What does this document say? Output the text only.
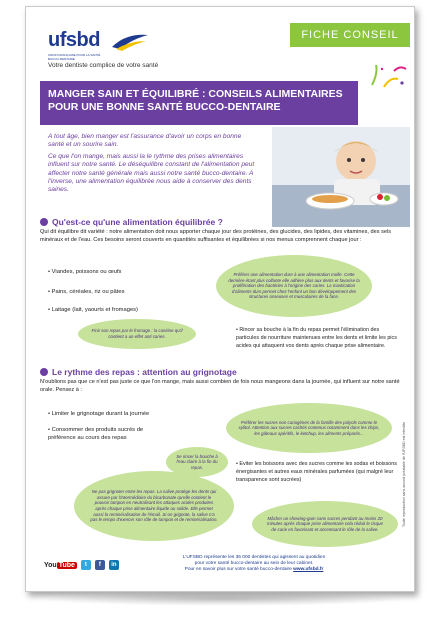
ufsbd
UNION FRANÇAISE POUR LA SANTÉ BUCCO-DENTAIRE
Votre dentiste complice de votre santé
FICHE CONSEIL
MANGER SAIN ET ÉQUILIBRÉ : CONSEILS ALIMENTAIRES
POUR UNE BONNE SANTÉ BUCCO-DENTAIRE

A tout âge, bien manger est l'assurance d'avoir un corps en bonne santé et un sourire sain.

Ce que l'on mange, mais aussi la le rythme des prises alimentaires influent sur notre santé. Le déséquilibre constant de l'alimentation peut affecter notre santé générale mais aussi notre santé bucco-dentaire. A l'inverse, une alimentation équilibrée nous aide à conserver des dents saines.

Qu'est-ce qu'une alimentation équilibrée ?
Qui dit équilibre dit variété : notre alimentation doit nous apporter chaque jour des protéines, des glucides, des lipides, des vitamines, des sels minéraux et de l'eau. Ces besoins seront couverts en quantités suffisantes et équilibrées si nos menus comprennent chaque jour :
• Viandes, poissons ou œufs
• Pains, céréales, riz ou pâtes
• Laitage (lait, yaourts et fromages)
Préférer une alimentation dure à une alimentation molle. Cette dernière étant plus collante elle adhère plus aux dents et favorise la prolifération des bactéries à l'origine des caries. La mastication d'aliments durs permet chez l'enfant un bon développement des structures osseuses et musculaires de la face.
Finir son repas par le fromage : la caséine qu'il contient a un effet anti caries.
• Rincer sa bouche à la fin du repas permet l'élimination des particules de nourriture maintenues entre les dents et limite les pics acides qui attaquent vos dents après chaque prise alimentaire.
Le rythme des repas : attention au grignotage
N'oublions pas que ce n'est pas juste ce que l'on mange, mais aussi combien de fois nous mangeons dans la journée, qui influent sur notre santé orale. Pensez à :
• Limiter le grignotage durant la journée
• Consommer des produits sucrés de préférence au cours des repas
Préférer les sucres non cariogènes de la famille des polyols comme le xylitol. Attention aux sucres cachés contenus notamment dans les chips, les gâteaux apéritifs, le ketchup, les aliments préparés...
Se rincer la bouche à l'eau claire à la fin du repas.
• Eviter les boissons avec des sucres comme les sodas et boissons énergisantes et autres eaux minérales parfumées (qui malgré leur transparence sont sucrées)
Ne pas grignoter entre les repas. La salive protège les dents qui assure par l'intermédiaire du bicarbonate qu'elle contient le pouvoir tampon en neutralisant les attaques acides produites après chaque prise alimentaire liquide ou solide. Elle permet aussi la reminéralisation de l'émail. Si on grignote, la salive n'a pas le temps d'exercer son rôle de tampon et de reminéralisation.	Mâcher un chewing-gum sans sucres pendant au moins 20 minutes après chaque prise alimentaire cela réduit le risque de carie en favorisant et accentuant le rôle de la salive.
Toute reproduction sans accord préalable de l'UFSBD est interdite
You Tube	t	f	in
L'UFSBD représente les 36 000 dentistes qui agissent au quotidien
pour votre santé bucco-dentaire au sein de leur cabinet.
Pour en savoir plus sur votre santé bucco-dentaire www.ufsbd.fr
